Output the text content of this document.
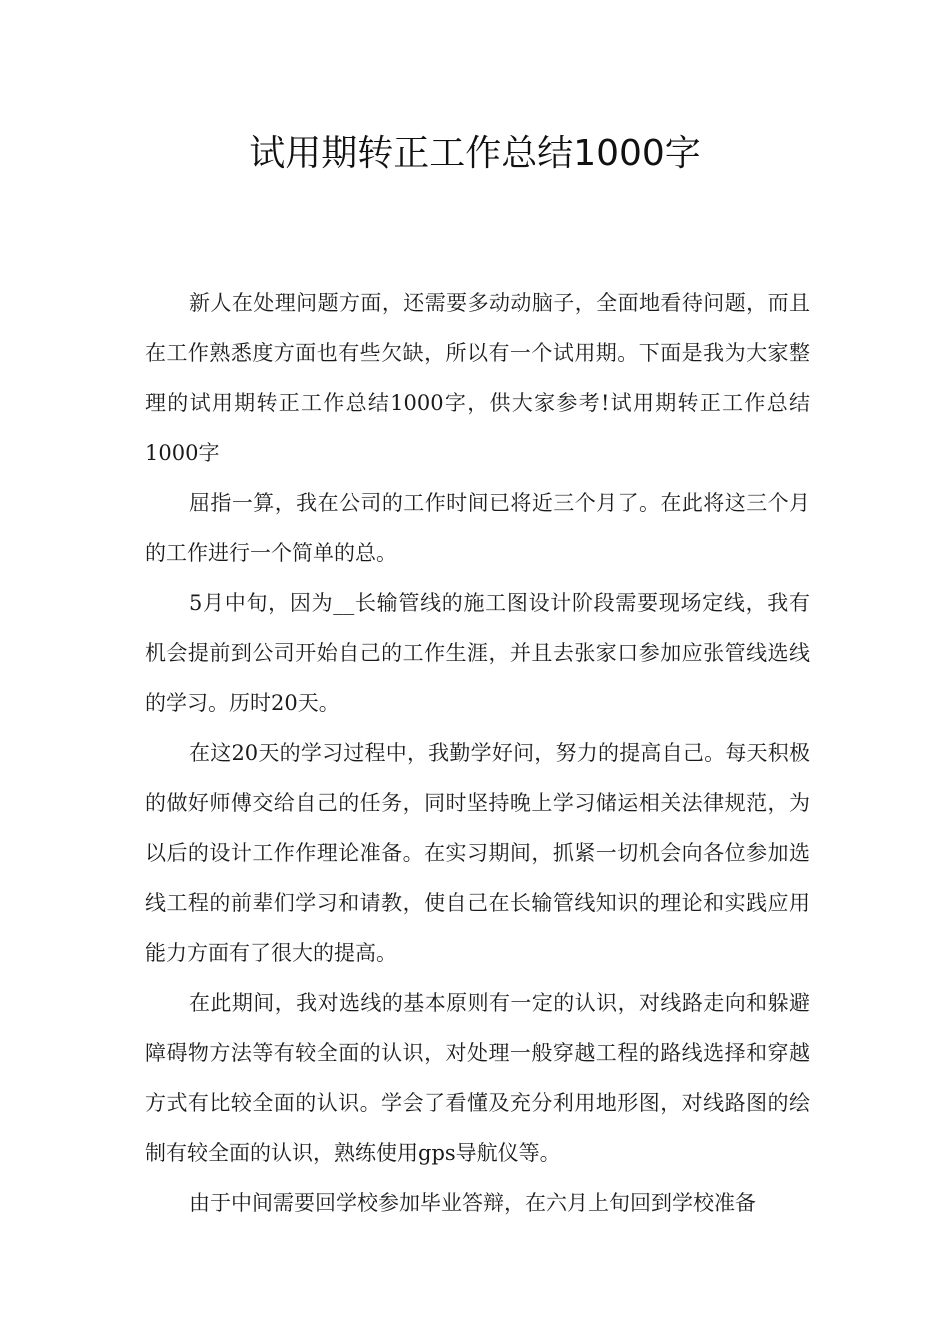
试用期转正工作总结1000字

新人在处理问题方面，还需要多动动脑子，全面地看待问题，而且在工作熟悉度方面也有些欠缺，所以有一个试用期。下面是我为大家整理的试用期转正工作总结1000字，供大家参考!试用期转正工作总结1000字

屈指一算，我在公司的工作时间已将近三个月了。在此将这三个月的工作进行一个简单的总。

5月中旬，因为__长输管线的施工图设计阶段需要现场定线，我有机会提前到公司开始自己的工作生涯，并且去张家口参加应张管线选线的学习。历时20天。

在这20天的学习过程中，我勤学好问，努力的提高自己。每天积极的做好师傅交给自己的任务，同时坚持晚上学习储运相关法律规范，为以后的设计工作作理论准备。在实习期间，抓紧一切机会向各位参加选线工程的前辈们学习和请教，使自己在长输管线知识的理论和实践应用能力方面有了很大的提高。

在此期间，我对选线的基本原则有一定的认识，对线路走向和躲避障碍物方法等有较全面的认识，对处理一般穿越工程的路线选择和穿越方式有比较全面的认识。学会了看懂及充分利用地形图，对线路图的绘制有较全面的认识，熟练使用gps导航仪等。

由于中间需要回学校参加毕业答辩，在六月上旬回到学校准备
